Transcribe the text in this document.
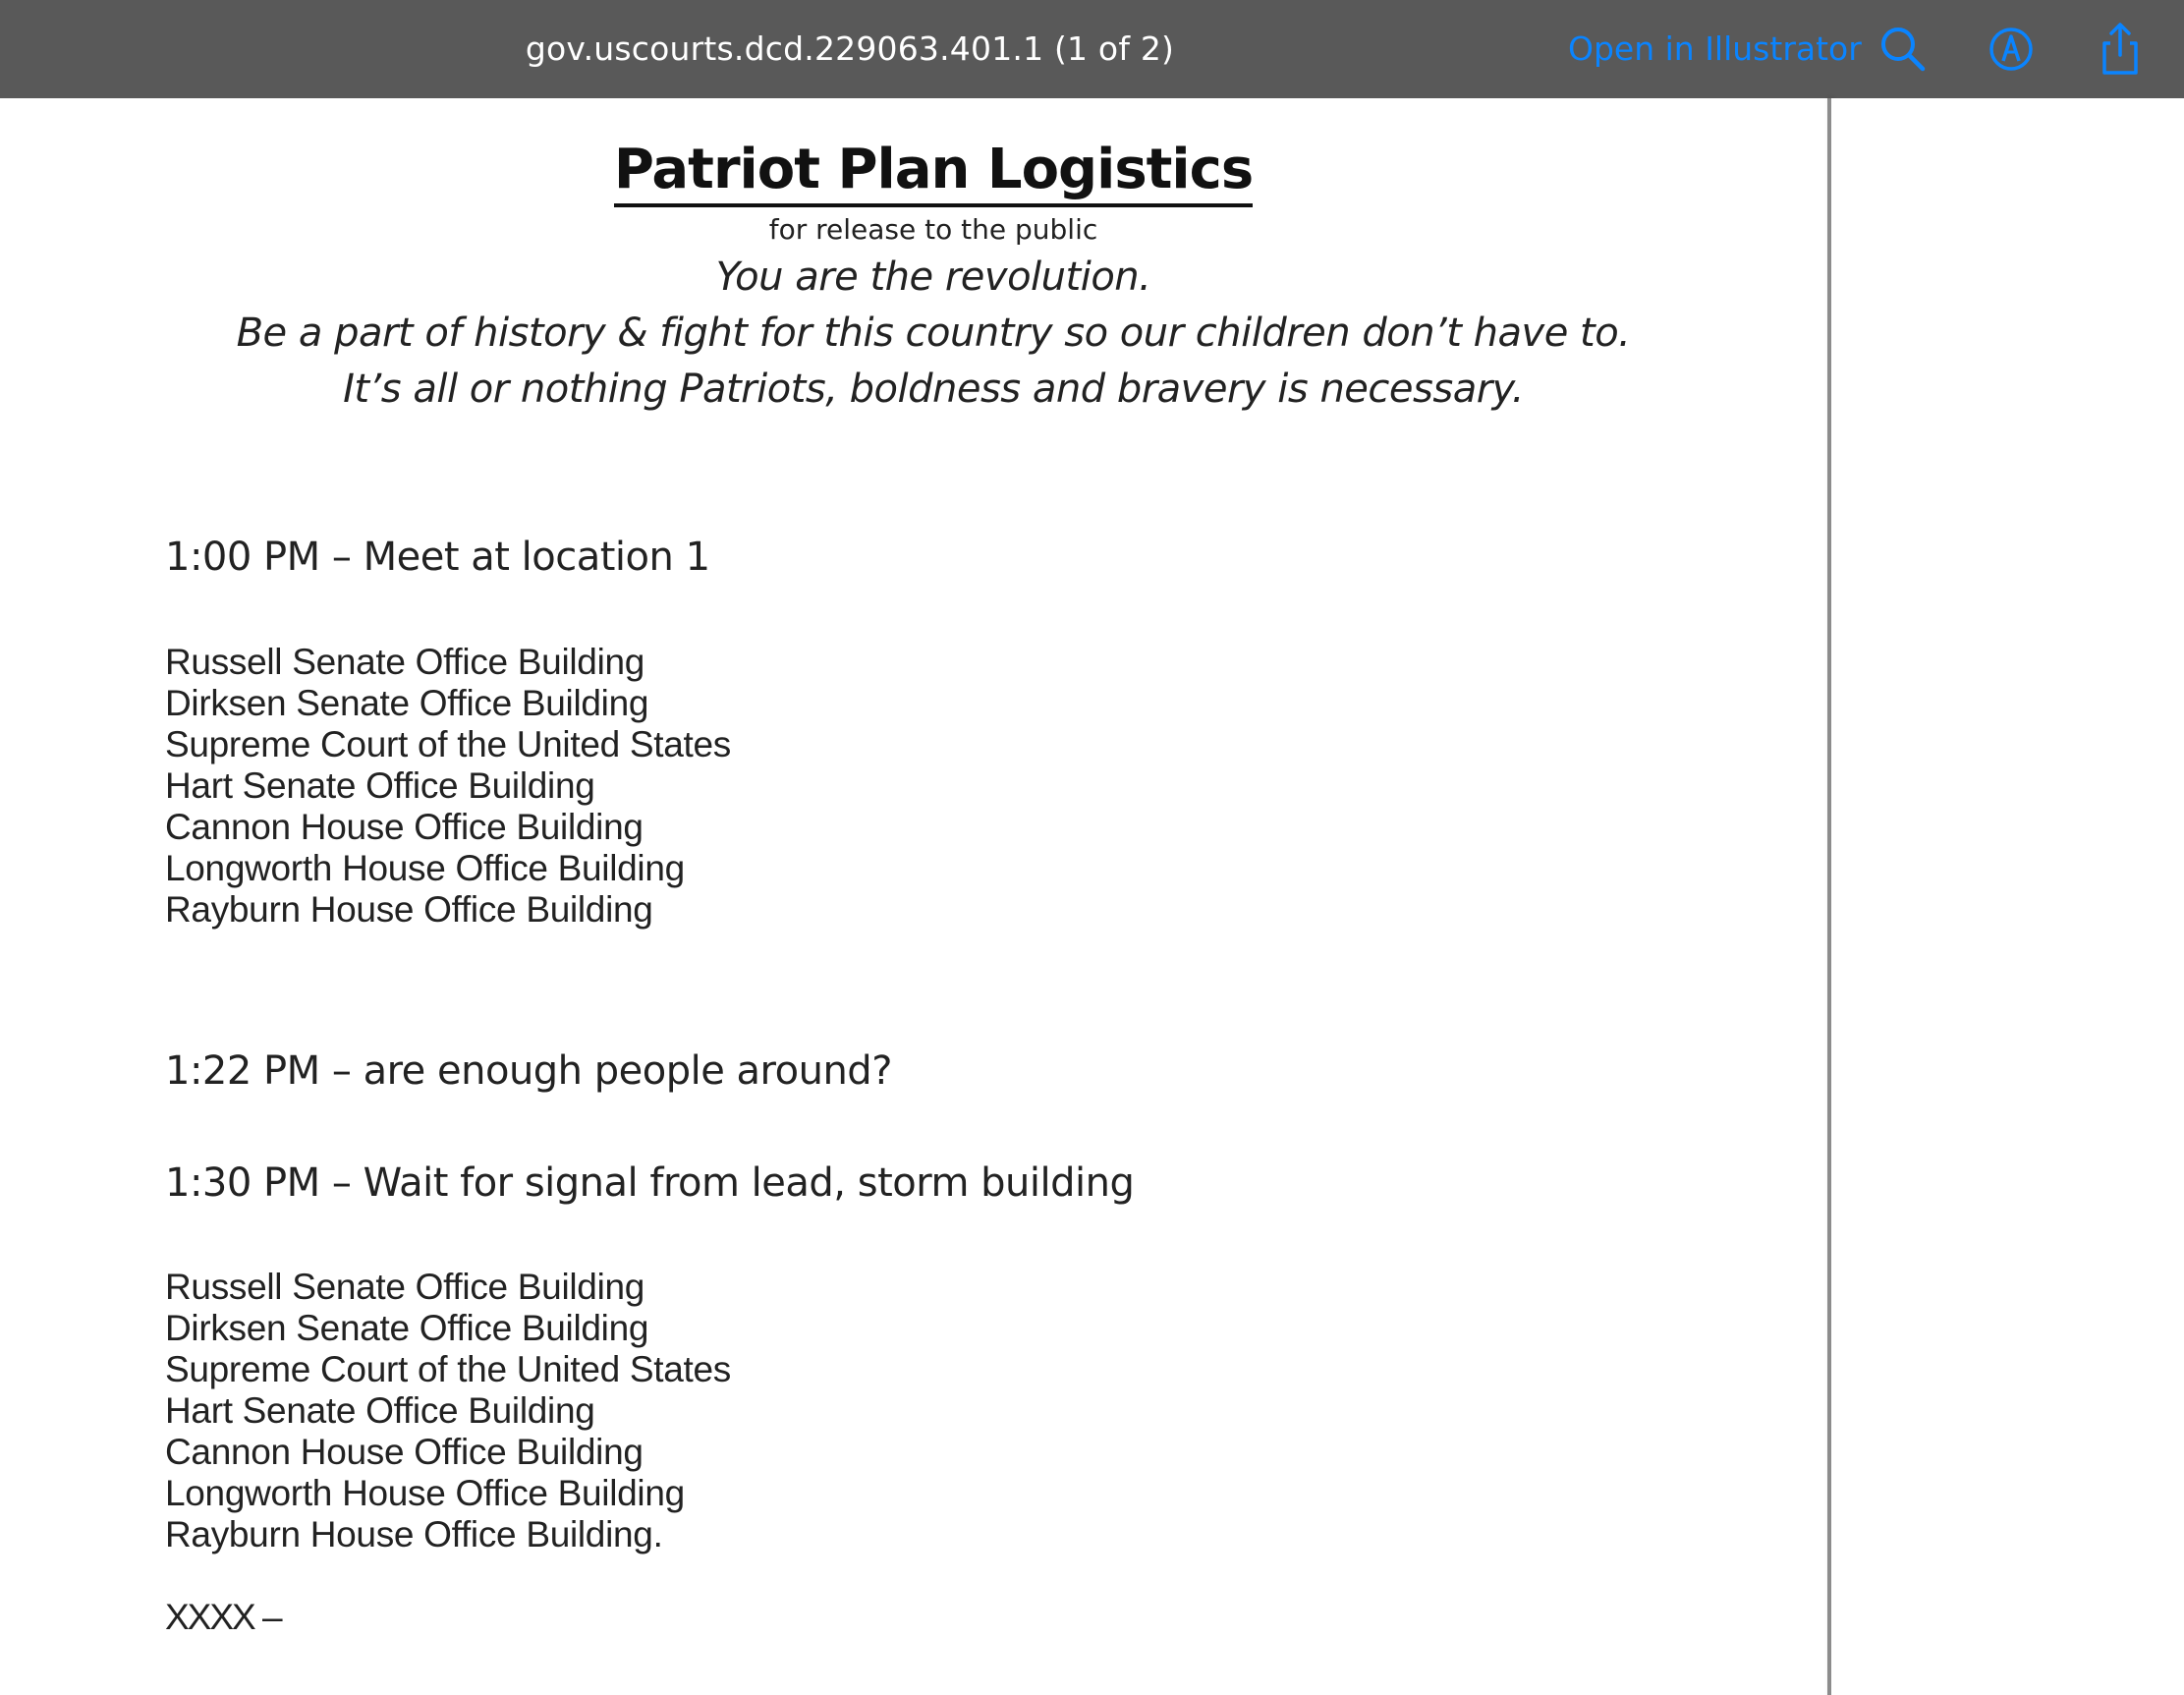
gov.uscourts.dcd.229063.401.1 (1 of 2)	Open in Illustrator
Patriot Plan Logistics
for release to the public
You are the revolution.
Be a part of history & fight for this country so our children don’t have to.
It’s all or nothing Patriots, boldness and bravery is necessary.
1:00 PM – Meet at location 1
Russell Senate Office Building
Dirksen Senate Office Building
Supreme Court of the United States
Hart Senate Office Building
Cannon House Office Building
Longworth House Office Building
Rayburn House Office Building
1:22 PM – are enough people around?
1:30 PM – Wait for signal from lead, storm building
Russell Senate Office Building
Dirksen Senate Office Building
Supreme Court of the United States
Hart Senate Office Building
Cannon House Office Building
Longworth House Office Building
Rayburn House Office Building.
XXXX –
